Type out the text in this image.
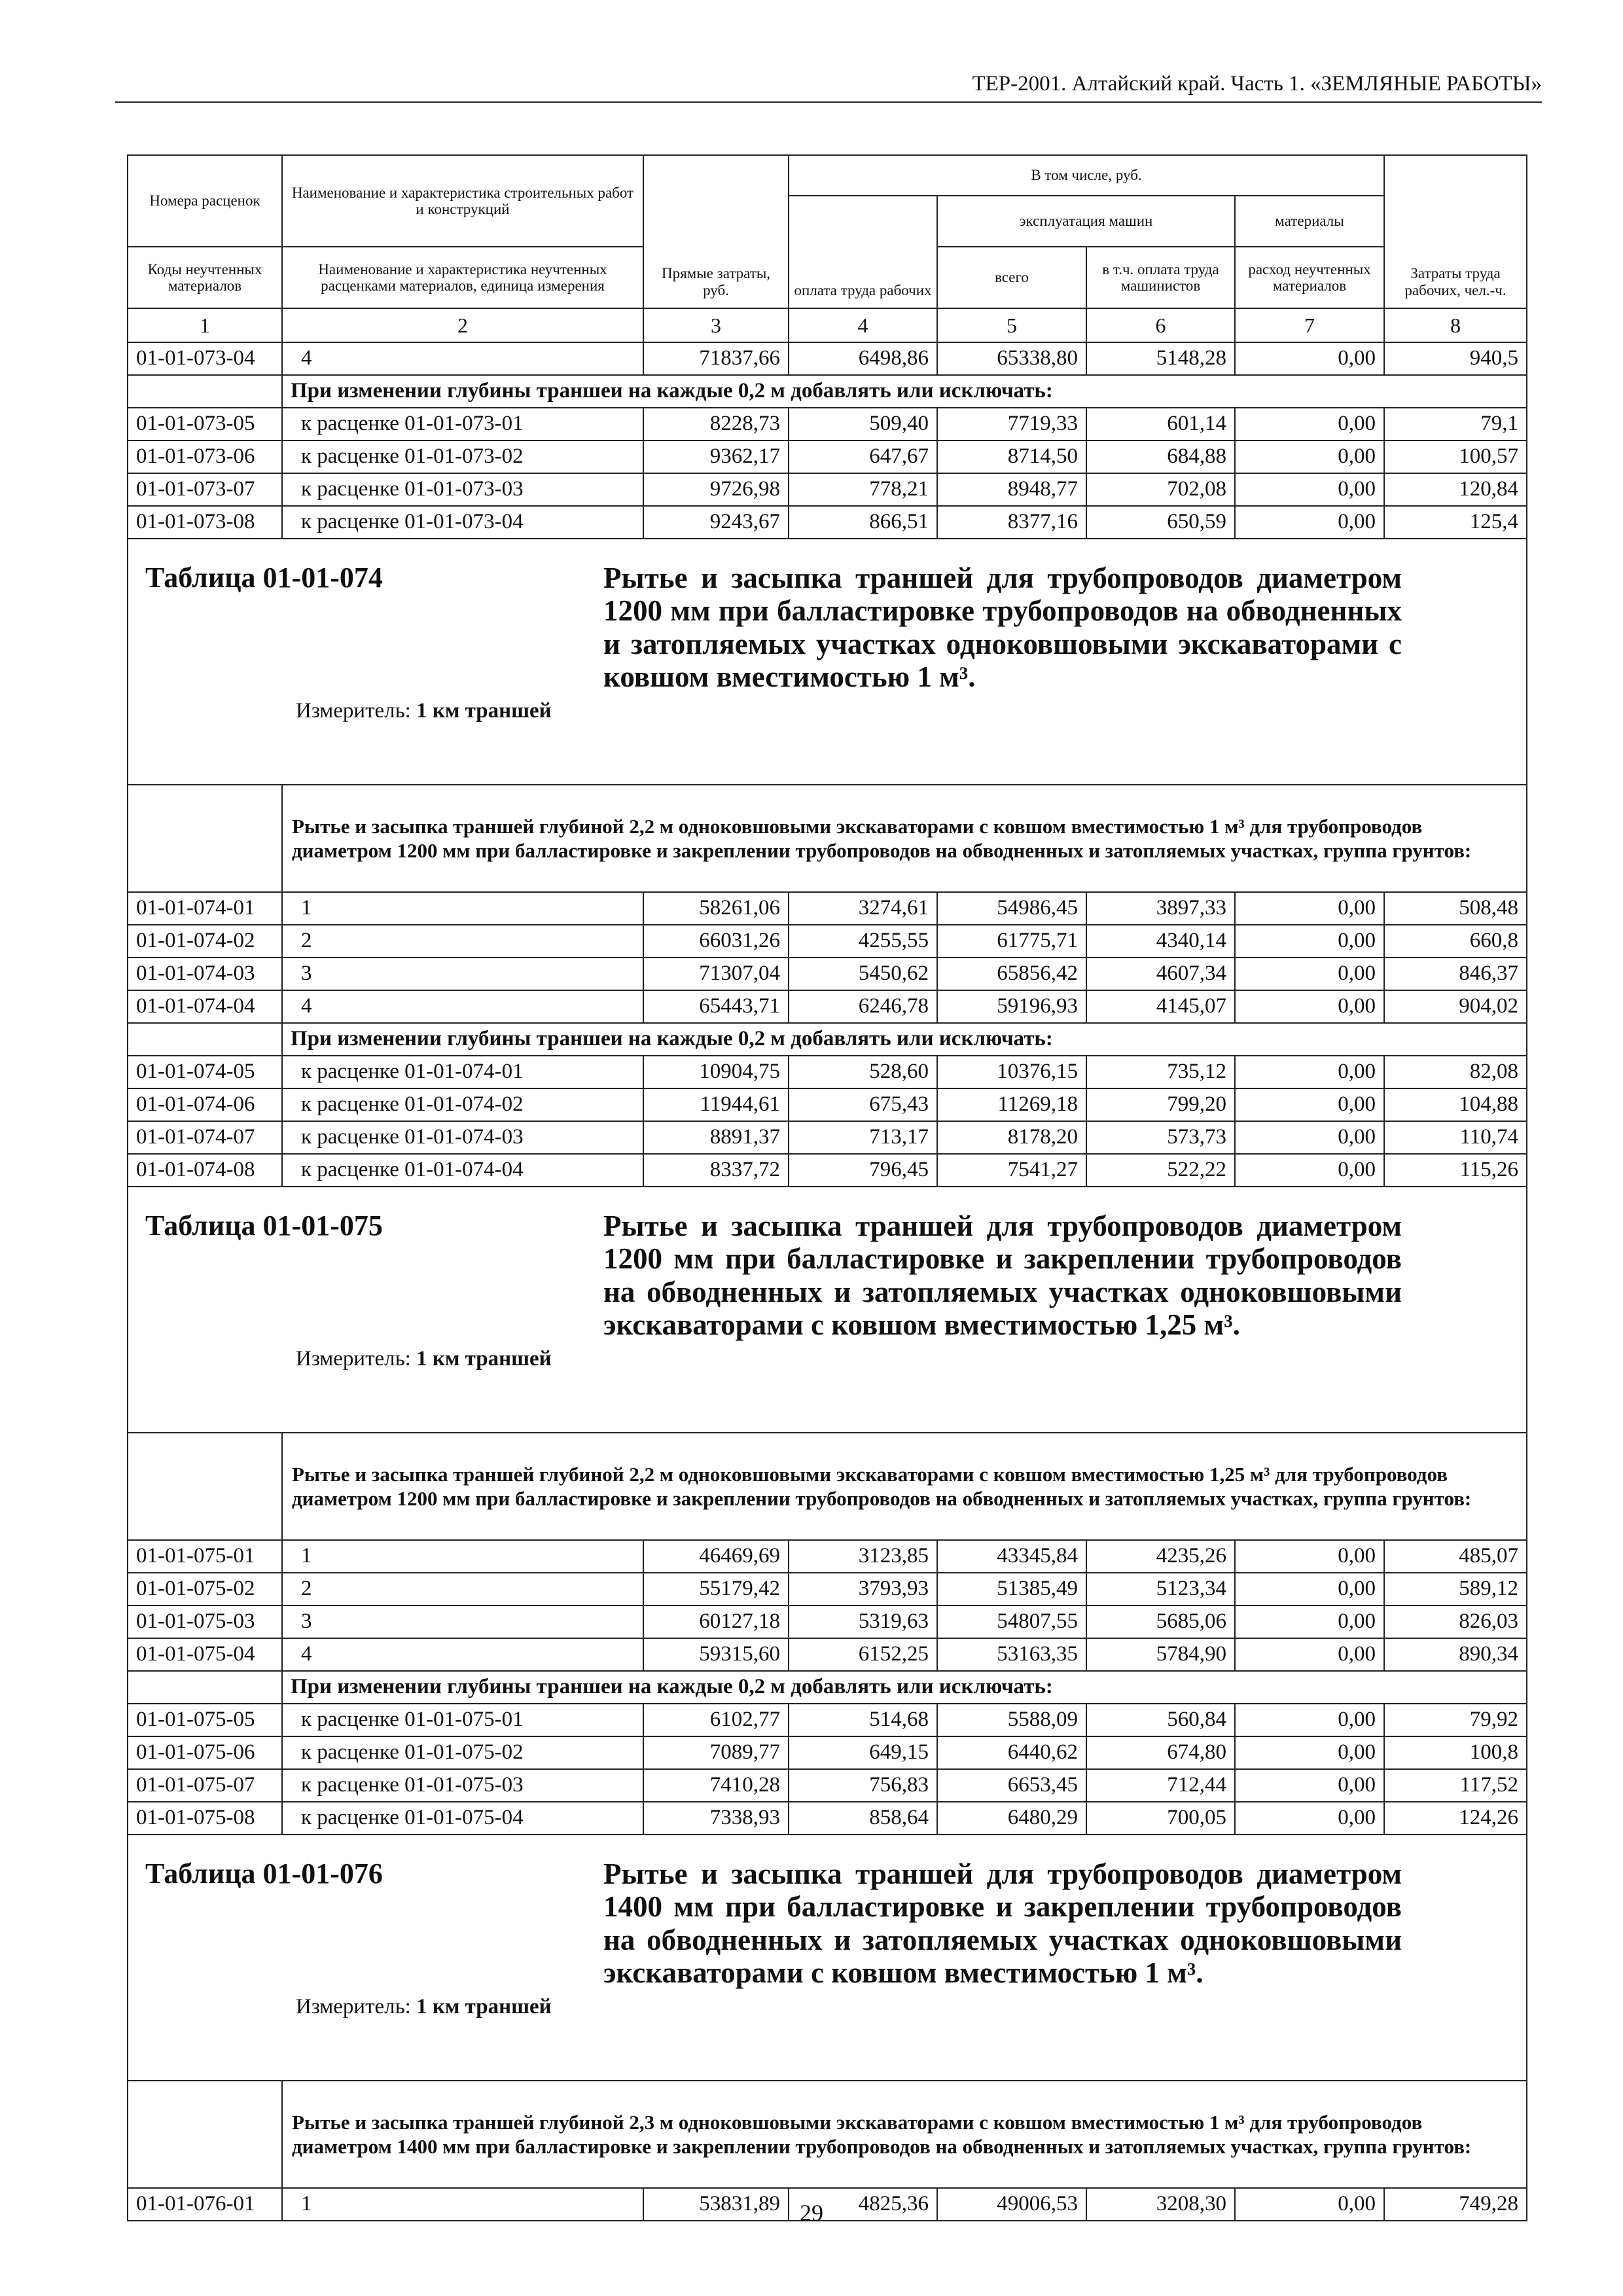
ТЕР-2001. Алтайский край. Часть 1. «ЗЕМЛЯНЫЕ РАБОТЫ»
Номера расценок	Наименование и характеристика строительных работ и конструкций	Прямые затраты, руб.	В том числе, руб.				Затраты труда рабочих, чел.-ч.
			оплата труда рабочих	эксплуатация машин		материалы	
Коды неучтенных материалов	Наименование и характеристика неучтенных расценками материалов, единица измерения			всего	в т.ч. оплата труда машинистов	расход неучтенных материалов	
1	2	3	4	5	6	7	8
01-01-073-04	4	71837,66	6498,86	65338,80	5148,28	0,00	940,5
	При изменении глубины траншеи на каждые 0,2 м добавлять или исключать:						
01-01-073-05	к расценке 01-01-073-01	8228,73	509,40	7719,33	601,14	0,00	79,1
01-01-073-06	к расценке 01-01-073-02	9362,17	647,67	8714,50	684,88	0,00	100,57
01-01-073-07	к расценке 01-01-073-03	9726,98	778,21	8948,77	702,08	0,00	120,84
01-01-073-08	к расценке 01-01-073-04	9243,67	866,51	8377,16	650,59	0,00	125,4

Таблица 01-01-074 Рытье и засыпка траншей для трубопроводов диаметром 1200 мм при балластировке трубопроводов на обводненных и затопляемых участках одноковшовыми экскаваторами с ковшом вместимостью 1 м³.
Измеритель: 1 км траншей							

	Рытье и засыпка траншей глубиной 2,2 м одноковшовыми экскаваторами с ковшом вместимостью 1 м³ для трубопроводов диаметром 1200 мм при балластировке и закреплении трубопроводов на обводненных и затопляемых участках, группа грунтов:						
01-01-074-01	1	58261,06	3274,61	54986,45	3897,33	0,00	508,48
01-01-074-02	2	66031,26	4255,55	61775,71	4340,14	0,00	660,8
01-01-074-03	3	71307,04	5450,62	65856,42	4607,34	0,00	846,37
01-01-074-04	4	65443,71	6246,78	59196,93	4145,07	0,00	904,02
	При изменении глубины траншеи на каждые 0,2 м добавлять или исключать:						
01-01-074-05	к расценке 01-01-074-01	10904,75	528,60	10376,15	735,12	0,00	82,08
01-01-074-06	к расценке 01-01-074-02	11944,61	675,43	11269,18	799,20	0,00	104,88
01-01-074-07	к расценке 01-01-074-03	8891,37	713,17	8178,20	573,73	0,00	110,74
01-01-074-08	к расценке 01-01-074-04	8337,72	796,45	7541,27	522,22	0,00	115,26

Таблица 01-01-075 Рытье и засыпка траншей для трубопроводов диаметром 1200 мм при балластировке и закреплении трубопроводов на обводненных и затопляемых участках одноковшовыми экскаваторами с ковшом вместимостью 1,25 м³.
Измеритель: 1 км траншей							

	Рытье и засыпка траншей глубиной 2,2 м одноковшовыми экскаваторами с ковшом вместимостью 1,25 м³ для трубопроводов диаметром 1200 мм при балластировке и закреплении трубопроводов на обводненных и затопляемых участках, группа грунтов:						
01-01-075-01	1	46469,69	3123,85	43345,84	4235,26	0,00	485,07
01-01-075-02	2	55179,42	3793,93	51385,49	5123,34	0,00	589,12
01-01-075-03	3	60127,18	5319,63	54807,55	5685,06	0,00	826,03
01-01-075-04	4	59315,60	6152,25	53163,35	5784,90	0,00	890,34
	При изменении глубины траншеи на каждые 0,2 м добавлять или исключать:						
01-01-075-05	к расценке 01-01-075-01	6102,77	514,68	5588,09	560,84	0,00	79,92
01-01-075-06	к расценке 01-01-075-02	7089,77	649,15	6440,62	674,80	0,00	100,8
01-01-075-07	к расценке 01-01-075-03	7410,28	756,83	6653,45	712,44	0,00	117,52
01-01-075-08	к расценке 01-01-075-04	7338,93	858,64	6480,29	700,05	0,00	124,26

Таблица 01-01-076 Рытье и засыпка траншей для трубопроводов диаметром 1400 мм при балластировке и закреплении трубопроводов на обводненных и затопляемых участках одноковшовыми экскаваторами с ковшом вместимостью 1 м³.
Измеритель: 1 км траншей							

	Рытье и засыпка траншей глубиной 2,3 м одноковшовыми экскаваторами с ковшом вместимостью 1 м³ для трубопроводов диаметром 1400 мм при балластировке и закреплении трубопроводов на обводненных и затопляемых участках, группа грунтов:						
01-01-076-01	1	53831,89	4825,36	49006,53	3208,30	0,00	749,28
29
